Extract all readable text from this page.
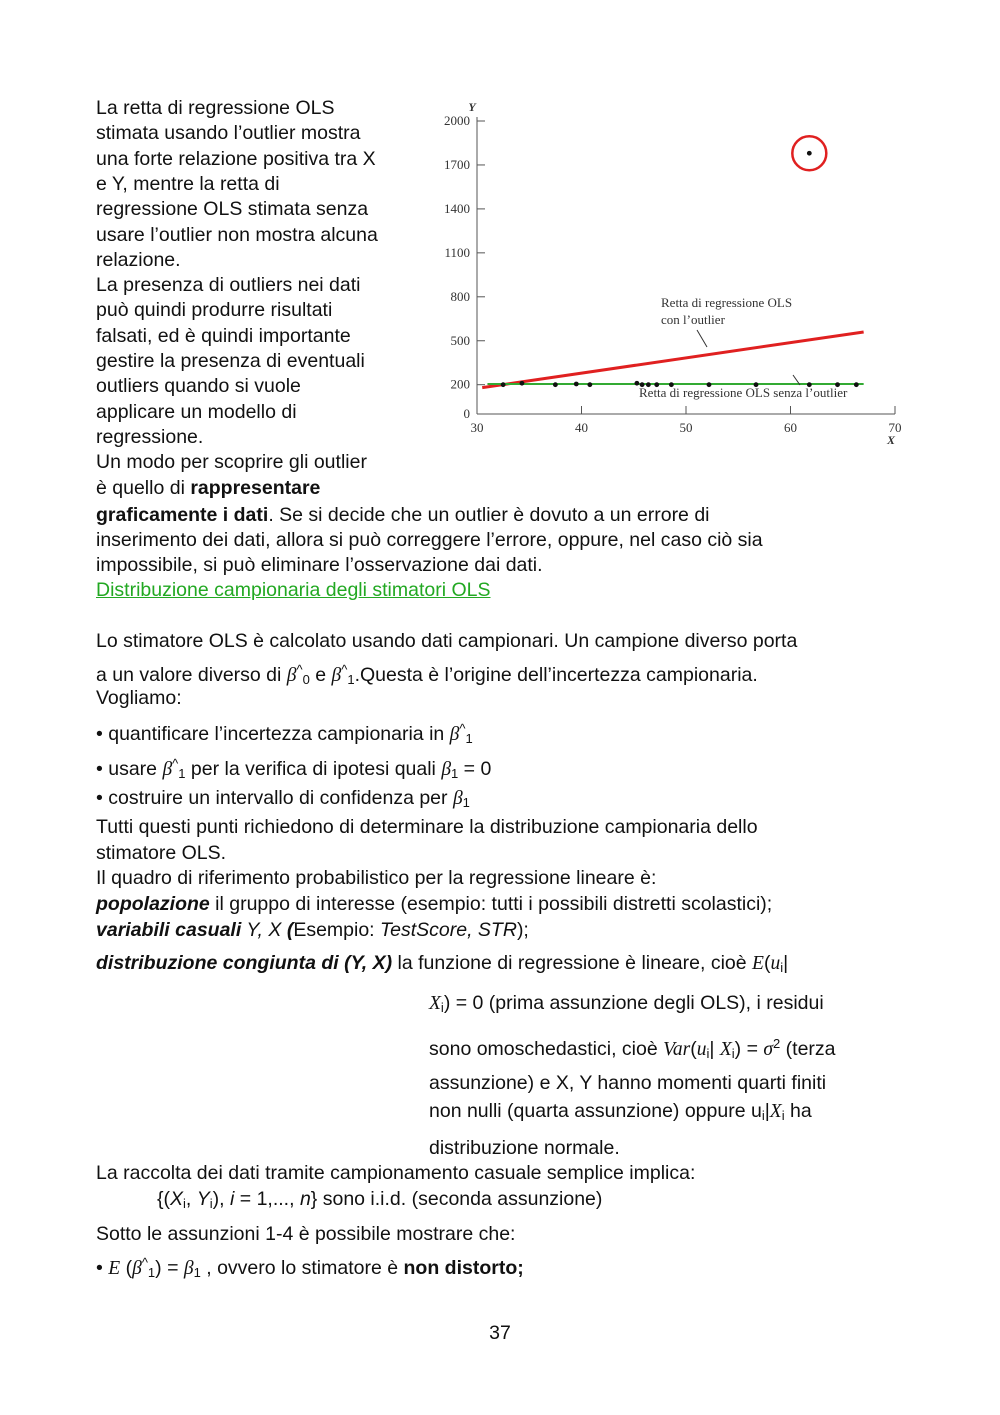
La retta di regressione OLS
stimata usando l’outlier mostra
una forte relazione positiva tra X
e Y, mentre la retta di
regressione OLS stimata senza
usare l’outlier non mostra alcuna
relazione.
La presenza di outliers nei dati
può quindi produrre risultati
falsati, ed è quindi importante
gestire la presenza di eventuali
outliers quando si vuole
applicare un modello di
regressione.
Un modo per scoprire gli outlier
è quello di rappresentare
graficamente i dati. Se si decide che un outlier è dovuto a un errore di
inserimento dei dati, allora si può correggere l’errore, oppure, nel caso ciò sia
impossibile, si può eliminare l’osservazione dai dati.
Distribuzione campionaria degli stimatori OLS
0
200
500
800
1100
1400
1700
2000
30	40	50	60	70
Y
X
Retta di regressione OLS
con l’outlier
Retta di regressione OLS senza l’outlier
Lo stimatore OLS è calcolato usando dati campionari. Un campione diverso porta
a un valore diverso di $\beta^{\^{}}_0$ e $\beta^{\^{}}_1.Questa$ è l’origine dell’incertezza campionaria.
Vogliamo:
• quantificare l’incertezza campionaria in $\beta^{\^{}}_1$
• usare $\beta^{\^{}}_1$ per la verifica di ipotesi quali $\beta_1 = 0$
• costruire un intervallo di confidenza per $\beta_1$
Tutti questi punti richiedono di determinare la distribuzione campionaria dello
stimatore OLS.
Il quadro di riferimento probabilistico per la regressione lineare è:
popolazione il gruppo di interesse (esempio: tutti i possibili distretti scolastici);
variabili casuali Y, X (Esempio: TestScore, STR);
distribuzione congiunta di (Y, X) la funzione di regressione è lineare, cioè $E(u_i|$
$X_i) = 0$ (prima assunzione degli OLS), i residui
sono omoschedastici, cioè $Var(u_i|$ $X_i) = \sigma^2$ (terza
assunzione) e X, Y hanno momenti quarti finiti
non nulli (quarta assunzione) oppure $u_i|X_i$ ha
distribuzione normale.
La raccolta dei dati tramite campionamento casuale semplice implica:
{($X_i$, $Y_i$), i = 1,..., n} sono i.i.d. (seconda assunzione)
Sotto le assunzioni 1-4 è possibile mostrare che:
• E $(\beta^{\^{}}_1) = \beta_1$ , ovvero lo stimatore è non distorto;
37
